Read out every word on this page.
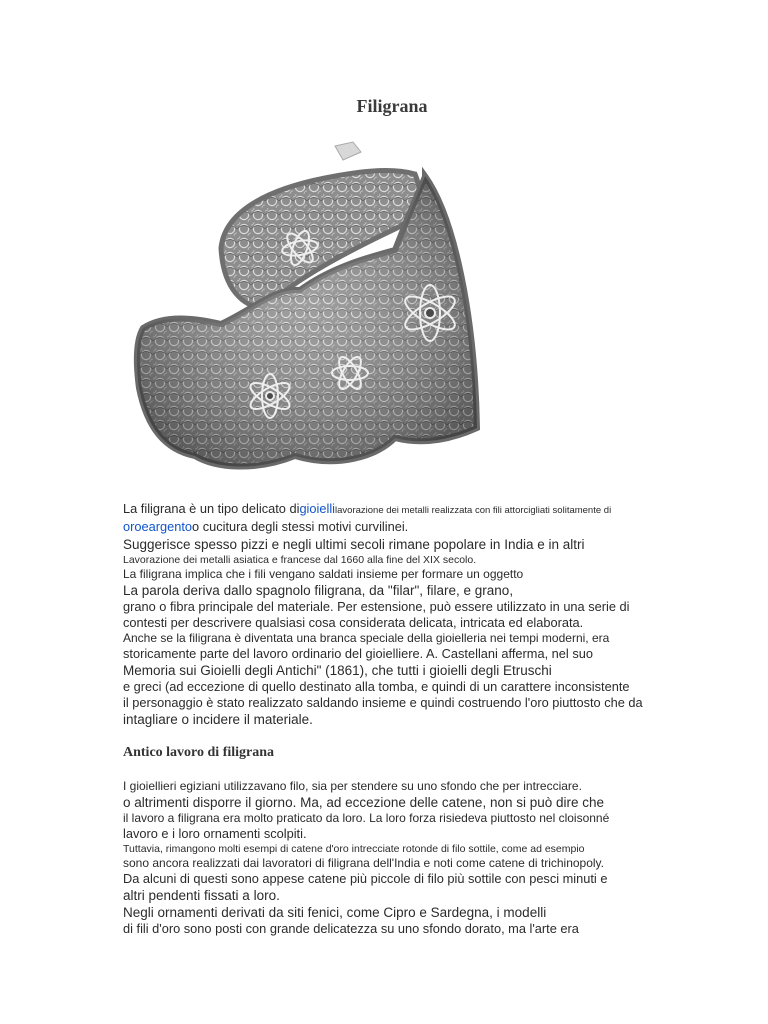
Filigrana
La filigrana è un tipo delicato digioiellilavorazione dei metalli realizzata con fili attorcigliati solitamente di
oroeargentoo cucitura degli stessi motivi curvilinei.
Suggerisce spesso pizzi e negli ultimi secoli rimane popolare in India e in altri
Lavorazione dei metalli asiatica e francese dal 1660 alla fine del XIX secolo.
La filigrana implica che i fili vengano saldati insieme per formare un oggetto
La parola deriva dallo spagnolo filigrana, da "filar", filare, e grano,
grano o fibra principale del materiale. Per estensione, può essere utilizzato in una serie di
contesti per descrivere qualsiasi cosa considerata delicata, intricata ed elaborata.
Anche se la filigrana è diventata una branca speciale della gioielleria nei tempi moderni, era
storicamente parte del lavoro ordinario del gioielliere. A. Castellani afferma, nel suo
Memoria sui Gioielli degli Antichi" (1861), che tutti i gioielli degli Etruschi
e greci (ad eccezione di quello destinato alla tomba, e quindi di un carattere inconsistente
il personaggio è stato realizzato saldando insieme e quindi costruendo l'oro piuttosto che da
intagliare o incidere il materiale.
Antico lavoro di filigrana
I gioiellieri egiziani utilizzavano filo, sia per stendere su uno sfondo che per intrecciare.
o altrimenti disporre il giorno. Ma, ad eccezione delle catene, non si può dire che
il lavoro a filigrana era molto praticato da loro. La loro forza risiedeva piuttosto nel cloisonné
lavoro e i loro ornamenti scolpiti.
Tuttavia, rimangono molti esempi di catene d'oro intrecciate rotonde di filo sottile, come ad esempio
sono ancora realizzati dai lavoratori di filigrana dell'India e noti come catene di trichinopoly.
Da alcuni di questi sono appese catene più piccole di filo più sottile con pesci minuti e
altri pendenti fissati a loro.
Negli ornamenti derivati da siti fenici, come Cipro e Sardegna, i modelli
di fili d'oro sono posti con grande delicatezza su uno sfondo dorato, ma l'arte era
